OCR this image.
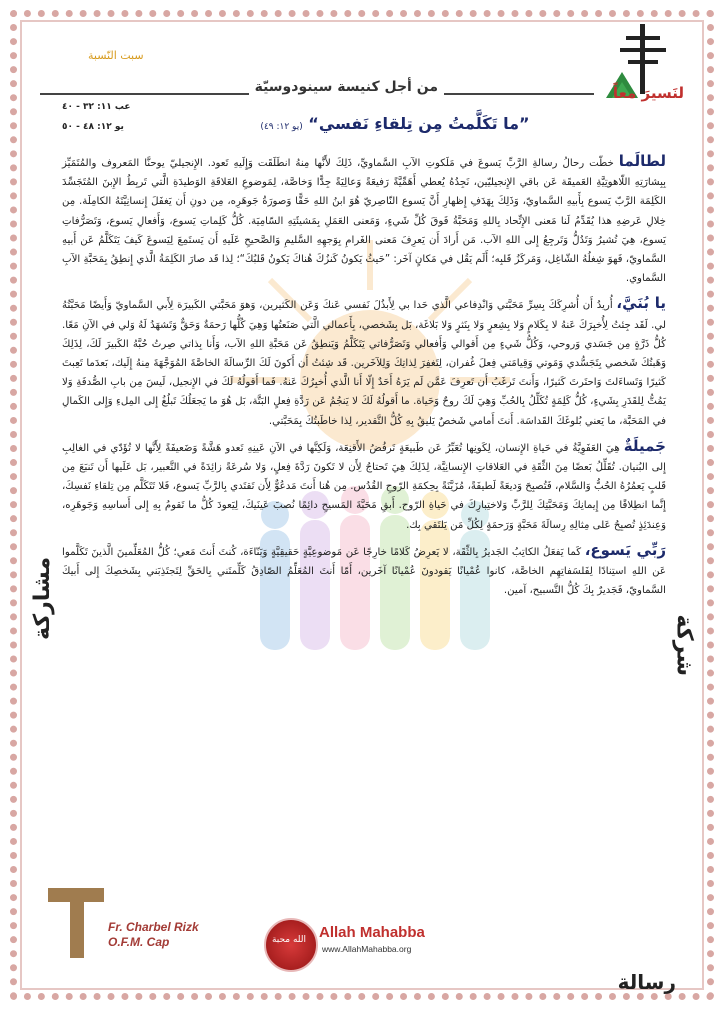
لنَسيرَ معاً
من أجل كنيسة سينودوسيّة
سبت النّسبة
عب ١١: ٣٢ - ٤٠
يو ١٢: ٤٨ - ٥٠	”ما تَكَلَّمتُ مِن تِلقاءِ نَفسي“ (يو ١٢: ٤٩)

لطالَما خطّت رحالُ رسالةِ الرَّبِّ يَسوعَ في مَلَكوتِ الآبِ السَّماويِّ، ذَلِكَ لأَنَّها مِنهُ انطَلَقَت وَإِلَيهِ تَعود. الإِنجيليّ يوحنَّا المَعروف والمُتَمَيِّز بِبِشارَتِهِ اللّاهوتِيَّةِ العَميقَة عَن باقي الإِنجيليّين، نَجِدُهُ يُعطي أَهَمِّيَّةً رَفيعَةً وَعالِيَةً جِدًّا وَخاصَّة، لِمَوضوعِ العَلاقَةِ الوَطيدَةِ الَّتي تَربِطُ الإِبنَ المُتَجَسِّدَ الكَلِمَة الرَّبّ يَسوع بِأَبيهِ السَّماويّ، وَذَلِكَ بِهَدَفِ إِظهارِ أَنَّ يَسوع النّاصِريّ هُوَ ابنُ اللهِ حَقًّا وَصورَةُ جَوهَرِه، مِن دونِ أَن يَغفَلَ إِنسانِيَّتَهُ الكامِلَة. مِن خِلالِ عَرضِهِ هذا يُقَدِّمُ لَنا مَعنى الإِتِّحاد بِاللهِ وَمَحَبَّةُ فَوقَ كُلِّ شَيءٍ، وَمَعنى العَمَلِ بِمَشيئَتِهِ السّامِيَة. كُلُّ كَلِماتِ يَسوع، وَأَفعالِ يَسوع، وَتَصَرُّفاتِ يَسوع، هِيَ تُشيرُ وَتَدُلُّ وَتَرجِعُ إِلى اللهِ الآب. مَن أَرادَ أَن يَعرِفَ مَعنى الغَرامِ بِوَجهِهِ السَّليمِ وَالصَّحيحِ عَلَيهِ أَن يَستَمِعَ لِيَسوعَ كَيفَ يَتَكَلَّمُ عَن أَبيهِ السَّماويّ، فَهوَ شِغلُهُ الشّاغِل، وَمَركَزُ قَلبِه؛ أَلَم يَقُل في مَكانٍ آخَر: ”حَيثُ يَكونُ كَنزُكَ هُناكَ يَكونُ قَلبُكَ“؛ لِذا قَد صارَ الكَلِمَةُ الَّذي إِنطِقُ بِمَحَبَّةِ الآبِ السَّماوي.

يا بُنَيَّ، أُريدُ أَن أُشرِكَكَ بِسِرِّ مَحَبَّتي وَانْدِفاعي الَّذي حَدا بي لِأَبذُلَ نَفسي عَنكَ وَعَن الكَثيرين، وَهوَ مَحَبَّتي الكَبيرَة لِأَبي السَّماويّ وَأَيضًا مَحَبَّتُهُ لي. لَقَد جِئتُ لِأُخبِرَكَ عَنهُ لا بِكَلامٍ وَلا بِشِعرٍ وَلا بِنَثرٍ وَلا بَلاغَة، بَل بِشَخصي، بِأَعمالي الَّتي صَنَعتُها وَهِيَ كُلُّها رَحمَةٌ وَحَقٌّ وَتَشهَدُ لَهُ وَلي في الآنِ مَعًا. كُلُّ ذَرَّةٍ مِن جَسَدي وَروحي، وَكُلُّ شَيءٍ مِن أَقوالي وَأَفعالي وَتَصَرُّفاتي يَتَكَلَّمُ وَيَنطِقُ عَن مَحَبَّةِ اللهِ الآب، وَأَنا بِذاتي صِرتُ حُبَّهُ الكَبيرَ لَكَ، لِذَلِكَ وَهَبتُكَ شَخصي بِتَجَسُّدي وَمَوتي وَقِيامَتي فِعلَ غُفران، لِتَغفِرَ لِذاتِكَ وَلِلآخَرين. قَد شِئتُ أَن أَكونَ لَكَ الرِّسالَةَ الخاصَّةَ المُوَجَّهَةَ مِنهُ إِلَيك، بَعدَما تَعِبتَ كَثيرًا وَتَساءَلتَ وَاحتَرتَ كَثيرًا، وَأَنتَ تَرغَبُ أَن تَعرِفَ عَمَّن لَم يَرَهُ أَحَدٌ إِلّا أَنا الَّذي أُخبِرُكَ عَنهُ. فَما أَقولُهُ لَكَ في الإِنجيل، لَيسَ مِن بابِ الصُّدفَةِ وَلا يَمُتُّ لِلقَدَرِ بِشَيءٍ، كُلُّ كَلِمَةٍ تُكَلِّلُ بِالحُبِّ وَهِيَ لَكَ روحٌ وَحَياة. ما أَقولُهُ لَكَ لا يَنجُمُ عَن رَدَّةِ فِعلٍ البَتَّة، بَل هُوَ ما يَجعَلُكَ تَبلُغُ إِلى المِلءِ وَإِلى الكَمالِ في المَحَبَّة، ما يَعني بُلوغَكَ القَداسَة. أَنتَ أَمامي شَخصٌ يَليقُ بِهِ كُلُّ التَّقدير، لِذا خاطَبتُكَ بِمَحَبَّتي.

جَميلَةٌ هِيَ العَفَوِيَّةُ في حَياةِ الإِنسان، لِكَونِها تُعَبِّرُ عَن طَبيعَةٍ تَرفُضُ الأَقنِعَة، وَلَكِنَّها في الآنِ عَينِهِ تَعدو هَشَّةً وَضَعيفَةً لِأَنَّها لا تُؤَدّي في الغالِبِ إِلى البُنيان. تُقَلِّلُ بَعضًا مِنَ الثِّقَةِ في العَلاقاتِ الإِنسانِيَّة، لِذَلِكَ هِيَ تَحتاجُ لِأَن لا تَكونَ رَدَّةَ فِعلٍ، وَلا سُرعَةً زائِدَةً في التَّعبير، بَل عَلَيها أَن تَنبَعَ مِن قَلبٍ يَعمُرُهُ الحُبُّ وَالسَّلام، فَتُصبِحَ وَديعَةً لَطيفَةً، مُزَيَّنَةً بِحِكمَةِ الرّوحِ القُدُس. مِن هُنا أَنتَ مَدعُوٌّ لِأَن تَقتَدي بِالرَّبِّ يَسوع، فَلا تَتَكَلَّم مِن تِلقاءِ نَفسِكَ، إِنَّما انطِلاقًا مِن إِيمانِكَ وَمَحَبَّتِكَ لِلرَّبِّ وَلاختِبارِكَ في حَياةِ الرّوح. أَبقِ مَحَبَّةَ المَسيحِ دائِمًا نُصبَ عَينَيكَ، لِيَعودَ كُلُّ ما تَقومُ بِهِ إِلى أَساسِهِ وَجَوهَرِه، وَعِندَئِذٍ تُصبِحُ عَلى مِثالِهِ رِسالَةَ مَحَبَّةٍ وَرَحمَةٍ لِكُلِّ مَن يَلتَقي بِك.

رَبِّي يَسوع، كَما يَفعَلُ الكاتِبُ الجَديرُ بِالثِّقَة، لا يَعرِضُ كَلامًا خارِجًا عَن مَوضوعِيَّةٍ حَقيقِيَّةٍ وَبَنّاءَة، كُنتَ أَنتَ مَعي؛ كُلُّ المُعَلِّمينَ الَّذينَ تَكَلَّموا عَن اللهِ استِنادًا لِفَلسَفاتِهِم الخاصَّة، كانوا عُمْيانًا يَقودونَ عُمْيانًا آخَرين، أَمّا أَنتَ المُعَلِّمُ الصّادِقُ كَلِّمتَني بِالحَقِّ لِتَجتَذِبَني بِشَخصِكَ إِلى أَبيكَ السَّماويّ، فَجَديرٌ بِكَ كُلُّ التَّسبيح، آمين.

شركة
مشاركة
رسالة
Fr. Charbel Rizk
O.F.M. Cap	الله محبة Allah Mahabba
www.AllahMahabba.org
